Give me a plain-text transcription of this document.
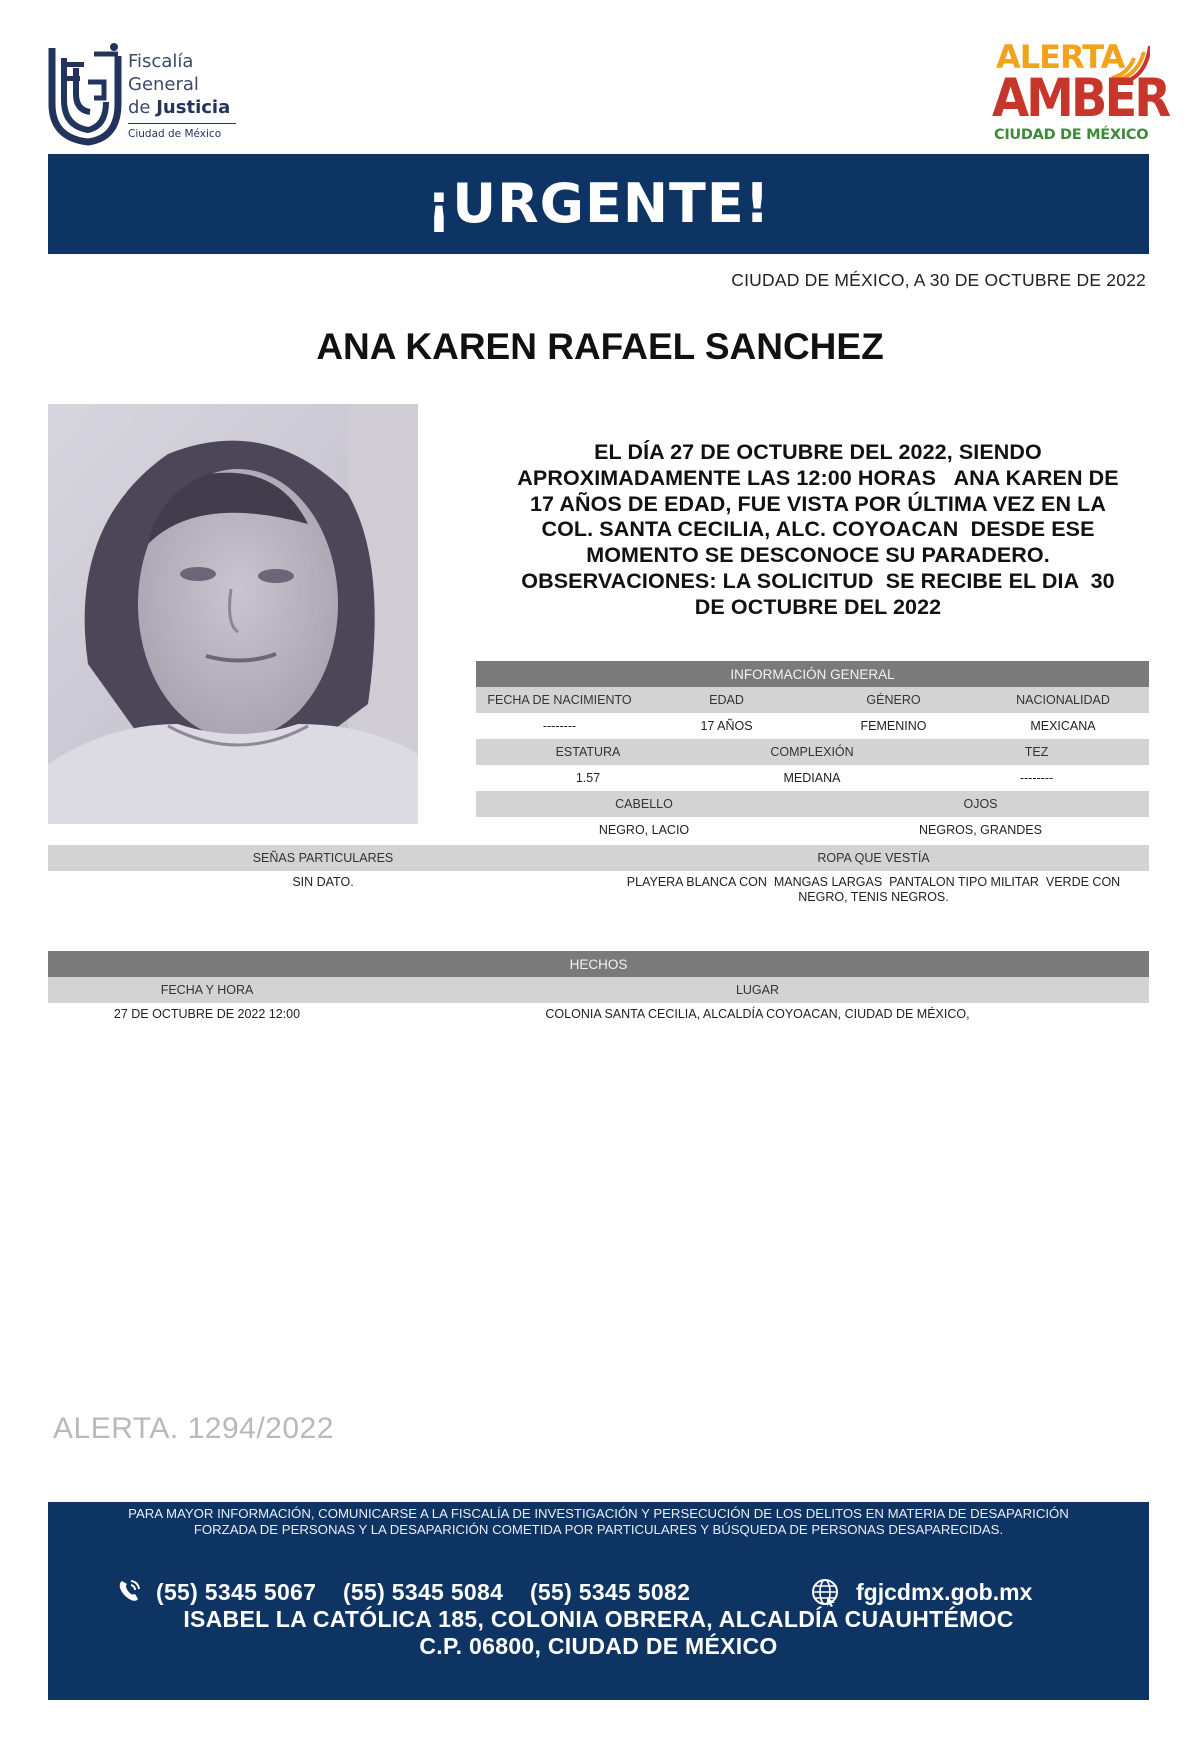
Fiscalía
General
de Justicia
Ciudad de México
ALERTA
AMBER
CIUDAD DE MÉXICO
¡URGENTE!
CIUDAD DE MÉXICO, A 30 DE OCTUBRE DE 2022
ANA KAREN RAFAEL SANCHEZ
EL DÍA 27 DE OCTUBRE DEL 2022, SIENDO
APROXIMADAMENTE LAS 12:00 HORAS   ANA KAREN DE
17 AÑOS DE EDAD, FUE VISTA POR ÚLTIMA VEZ EN LA
COL. SANTA CECILIA, ALC. COYOACAN  DESDE ESE
MOMENTO SE DESCONOCE SU PARADERO.
OBSERVACIONES: LA SOLICITUD  SE RECIBE EL DIA  30
DE OCTUBRE DEL 2022
INFORMACIÓN GENERAL
FECHA DE NACIMIENTO	EDAD	GÉNERO	NACIONALIDAD
--------	17 AÑOS	FEMENINO	MEXICANA
ESTATURA	COMPLEXIÓN	TEZ
1.57	MEDIANA	--------
CABELLO	OJOS
NEGRO, LACIO	NEGROS, GRANDES
SEÑAS PARTICULARES	ROPA QUE VESTÍA
SIN DATO.	PLAYERA BLANCA CON  MANGAS LARGAS  PANTALON TIPO MILITAR  VERDE CON
NEGRO, TENIS NEGROS.
HECHOS
FECHA Y HORA	LUGAR
27 DE OCTUBRE DE 2022 12:00	COLONIA SANTA CECILIA, ALCALDÍA COYOACAN, CIUDAD DE MÉXICO,
ALERTA. 1294/2022
PARA MAYOR INFORMACIÓN, COMUNICARSE A LA FISCALÍA DE INVESTIGACIÓN Y PERSECUCIÓN DE LOS DELITOS EN MATERIA DE DESAPARICIÓN
FORZADA DE PERSONAS Y LA DESAPARICIÓN COMETIDA POR PARTICULARES Y BÚSQUEDA DE PERSONAS DESAPARECIDAS.
(55) 5345 5067    (55) 5345 5084    (55) 5345 5082	fgjcdmx.gob.mx
ISABEL LA CATÓLICA 185, COLONIA OBRERA, ALCALDÍA CUAUHTÉMOC
C.P. 06800, CIUDAD DE MÉXICO
